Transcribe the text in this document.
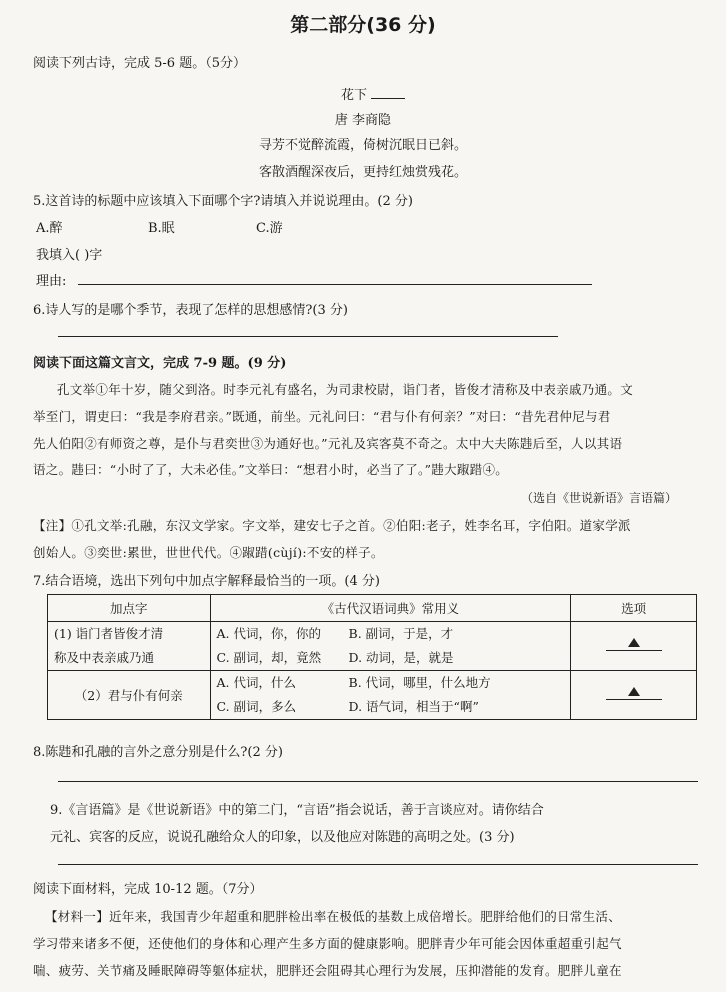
第二部分(36 分)
阅读下列古诗，完成 5-6 题。（5分）
花下
唐 李商隐
寻芳不觉醉流霞，倚树沉眠日已斜。
客散酒醒深夜后，更持红烛赏残花。
5.这首诗的标题中应该填入下面哪个字?请填入并说说理由。(2 分)
A.醉	B.眠	C.游
我填入( )字
理由:
6.诗人写的是哪个季节，表现了怎样的思想感情?(3 分)
阅读下面这篇文言文，完成 7-9 题。(9 分)
孔文举①年十岁，随父到洛。时李元礼有盛名，为司隶校尉，诣门者，皆俊才清称及中表亲戚乃通。文
举至门，谓吏曰：“我是李府君亲。”既通，前坐。元礼问曰：“君与仆有何亲？”对曰：“昔先君仲尼与君
先人伯阳②有师资之尊，是仆与君奕世③为通好也。”元礼及宾客莫不奇之。太中大夫陈韪后至，人以其语
语之。韪曰：“小时了了，大未必佳。”文举曰：“想君小时，必当了了。”韪大踧踖④。
（选自《世说新语》言语篇）
【注】①孔文举:孔融，东汉文学家。字文举，建安七子之首。②伯阳:老子，姓李名耳，字伯阳。道家学派
创始人。③奕世:累世，世世代代。④踧踖(cùjí):不安的样子。
7.结合语境，选出下列句中加点字解释最恰当的一项。(4 分)
加点字	《古代汉语词典》常用义	选项

(1) 诣门者皆俊才清
称及中表亲戚乃通	A. 代词，你，你的 B. 副词，于是，才
C. 副词，却，竟然 D. 动词，是，就是	

（2）君与仆有何亲	A. 代词，什么 B. 代词，哪里，什么地方
C. 副词，多么 D. 语气词，相当于“啊”	

8.陈韪和孔融的言外之意分别是什么?(2 分)
9.《言语篇》是《世说新语》中的第二门，“言语”指会说话，善于言谈应对。请你结合
元礼、宾客的反应，说说孔融给众人的印象，以及他应对陈韪的高明之处。(3 分)
阅读下面材料，完成 10-12 题。（7分）
【材料一】近年来，我国青少年超重和肥胖检出率在极低的基数上成倍增长。肥胖给他们的日常生活、
学习带来诸多不便，还使他们的身体和心理产生多方面的健康影响。肥胖青少年可能会因体重超重引起气
喘、疲劳、关节痛及睡眠障碍等躯体症状，肥胖还会阻碍其心理行为发展，压抑潜能的发育。肥胖儿童在
